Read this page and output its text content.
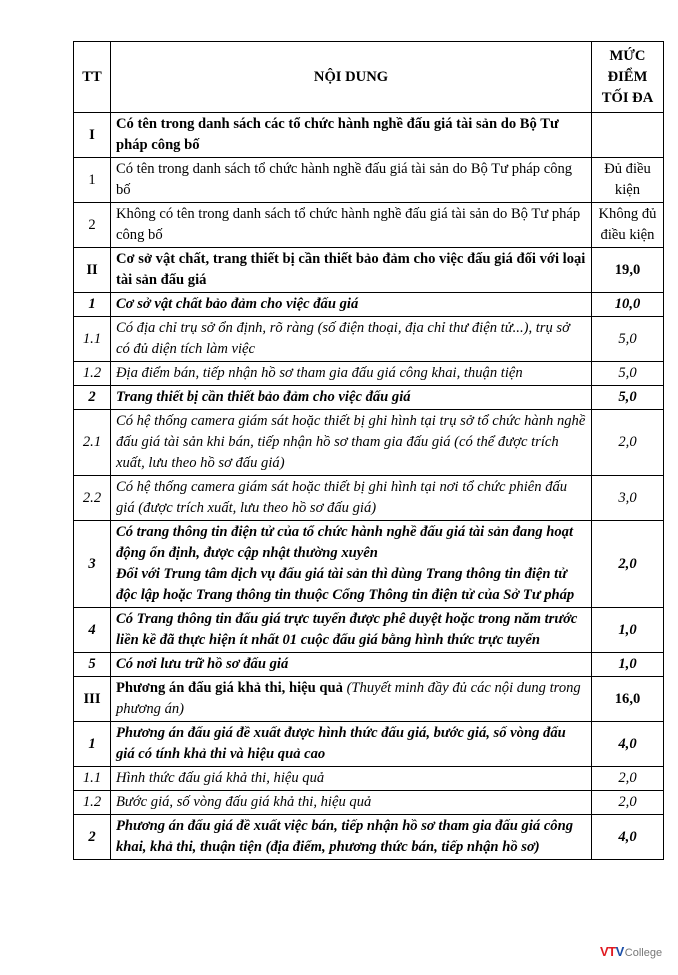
TT	NỘI DUNG	MỨC
ĐIỂM
TỐI ĐA

I	Có tên trong danh sách các tổ chức hành nghề đấu giá tài sản do Bộ Tư pháp công bố	

1	Có tên trong danh sách tổ chức hành nghề đấu giá tài sản do Bộ Tư pháp công bố	Đủ điều kiện
2	Không có tên trong danh sách tổ chức hành nghề đấu giá tài sản do Bộ Tư pháp công bố	Không đủ điều kiện
II	Cơ sở vật chất, trang thiết bị cần thiết bảo đảm cho việc đấu giá đối với loại tài sản đấu giá	19,0
1	Cơ sở vật chất bảo đảm cho việc đấu giá	10,0
1.1	Có địa chỉ trụ sở ổn định, rõ ràng (số điện thoại, địa chỉ thư điện tử...), trụ sở có đủ diện tích làm việc	5,0
1.2	Địa điểm bán, tiếp nhận hồ sơ tham gia đấu giá công khai, thuận tiện	5,0
2	Trang thiết bị cần thiết bảo đảm cho việc đấu giá	5,0
2.1	Có hệ thống camera giám sát hoặc thiết bị ghi hình tại trụ sở tổ chức hành nghề đấu giá tài sản khi bán, tiếp nhận hồ sơ tham gia đấu giá (có thể được trích xuất, lưu theo hồ sơ đấu giá)	2,0
2.2	Có hệ thống camera giám sát hoặc thiết bị ghi hình tại nơi tổ chức phiên đấu giá (được trích xuất, lưu theo hồ sơ đấu giá)	3,0
3	Có trang thông tin điện tử của tổ chức hành nghề đấu giá tài sản đang hoạt động ổn định, được cập nhật thường xuyên
Đối với Trung tâm dịch vụ đấu giá tài sản thì dùng Trang thông tin điện tử độc lập hoặc Trang thông tin thuộc Cổng Thông tin điện tử của Sở Tư pháp	2,0
4	Có Trang thông tin đấu giá trực tuyến được phê duyệt hoặc trong năm trước liền kề đã thực hiện ít nhất 01 cuộc đấu giá bằng hình thức trực tuyến	1,0
5	Có nơi lưu trữ hồ sơ đấu giá	1,0
III	Phương án đấu giá khả thi, hiệu quả (Thuyết minh đầy đủ các nội dung trong phương án)	16,0
1	Phương án đấu giá đề xuất được hình thức đấu giá, bước giá, số vòng đấu giá có tính khả thi và hiệu quả cao	4,0
1.1	Hình thức đấu giá khả thi, hiệu quả	2,0
1.2	Bước giá, số vòng đấu giá khả thi, hiệu quả	2,0
2	Phương án đấu giá đề xuất việc bán, tiếp nhận hồ sơ tham gia đấu giá công khai, khả thi, thuận tiện (địa điểm, phương thức bán, tiếp nhận hồ sơ)	4,0
VTV College
